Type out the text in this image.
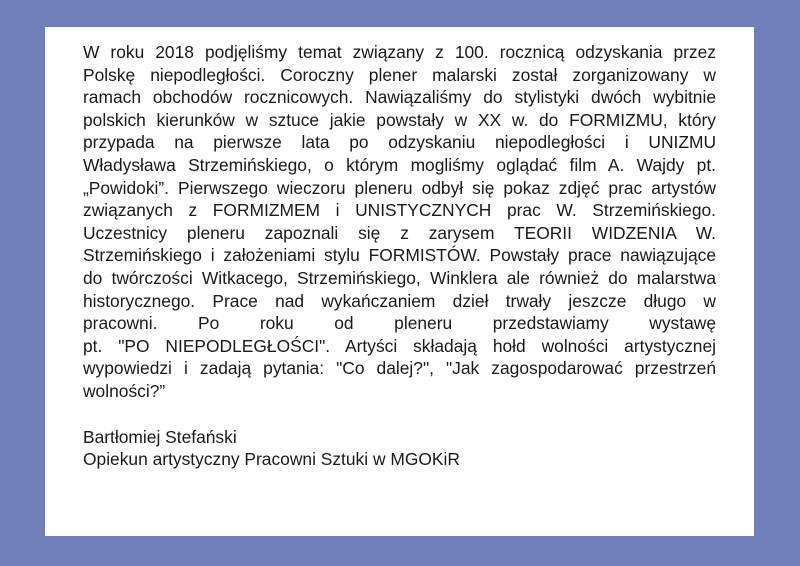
W roku 2018 podjęliśmy temat związany z 100. rocznicą odzyskania przez
Polskę niepodległości. Coroczny plener malarski został zorganizowany w
ramach obchodów rocznicowych. Nawiązaliśmy do stylistyki dwóch wybitnie
polskich kierunków w sztuce jakie powstały w XX w. do FORMIZMU, który
przypada na pierwsze lata po odzyskaniu niepodległości i UNIZMU
Władysława Strzemińskiego, o którym mogliśmy oglądać film A. Wajdy pt.
„Powidoki”. Pierwszego wieczoru pleneru odbył się pokaz zdjęć prac artystów
związanych z FORMIZMEM i UNISTYCZNYCH prac W. Strzemińskiego.
Uczestnicy pleneru zapoznali się z zarysem TEORII WIDZENIA W.
Strzemińskiego i założeniami stylu FORMISTÓW. Powstały prace nawiązujące
do twórczości Witkacego, Strzemińskiego, Winklera ale również do malarstwa
historycznego. Prace nad wykańczaniem dzieł trwały jeszcze długo w
pracowni. Po roku od pleneru przedstawiamy wystawę
pt. "PO NIEPODLEGŁOŚCI". Artyści składają hołd wolności artystycznej
wypowiedzi i zadają pytania: "Co dalej?", "Jak zagospodarować przestrzeń
wolności?”
Bartłomiej Stefański
Opiekun artystyczny Pracowni Sztuki w MGOKiR
